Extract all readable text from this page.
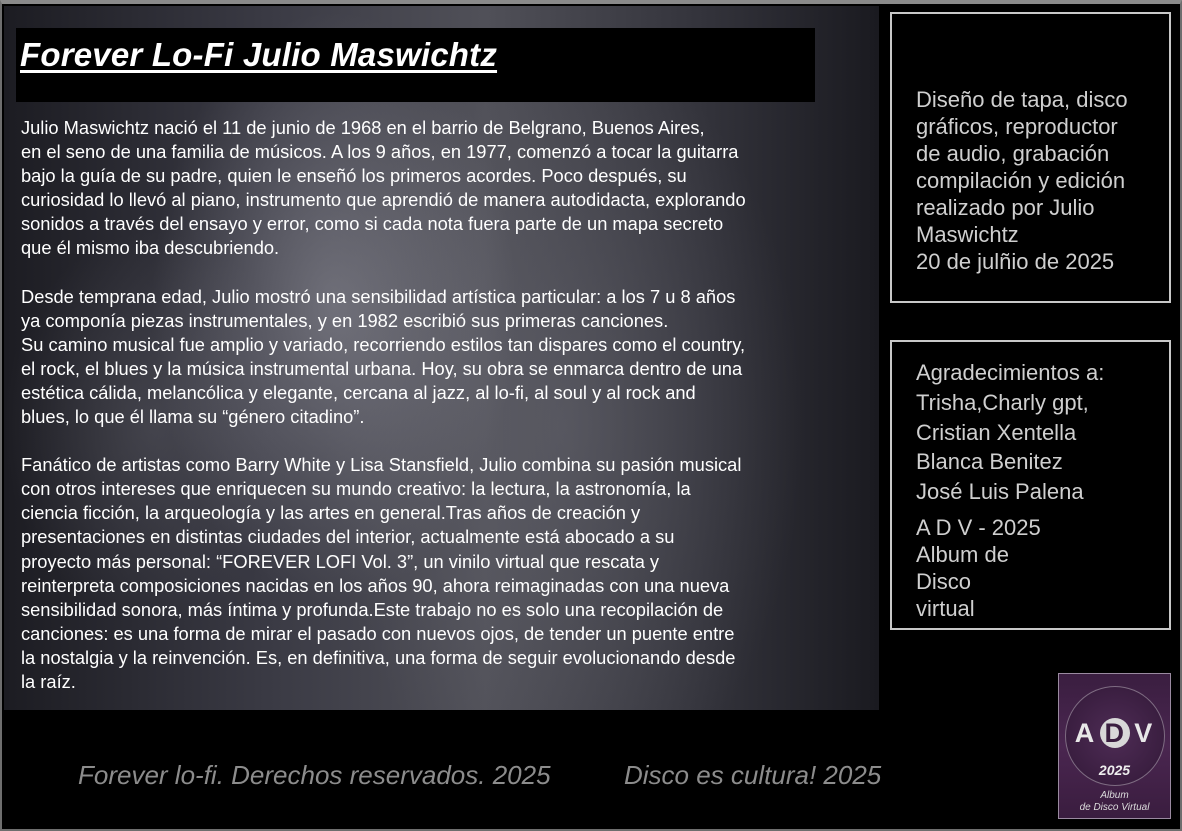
Forever Lo-Fi Julio Maswichtz

Julio Maswichtz nació el 11 de junio de 1968 en el barrio de Belgrano, Buenos Aires,
en el seno de una familia de músicos. A los 9 años, en 1977, comenzó a tocar la guitarra
bajo la guía de su padre, quien le enseñó los primeros acordes. Poco después, su
curiosidad lo llevó al piano, instrumento que aprendió de manera autodidacta, explorando
sonidos a través del ensayo y error, como si cada nota fuera parte de un mapa secreto
que él mismo iba descubriendo.

Desde temprana edad, Julio mostró una sensibilidad artística particular: a los 7 u 8 años
ya componía piezas instrumentales, y en 1982 escribió sus primeras canciones.
Su camino musical fue amplio y variado, recorriendo estilos tan dispares como el country,
el rock, el blues y la música instrumental urbana. Hoy, su obra se enmarca dentro de una
estética cálida, melancólica y elegante, cercana al jazz, al lo-fi, al soul y al rock and
blues, lo que él llama su “género citadino”.

Fanático de artistas como Barry White y Lisa Stansfield, Julio combina su pasión musical
con otros intereses que enriquecen su mundo creativo: la lectura, la astronomía, la
ciencia ficción, la arqueología y las artes en general.Tras años de creación y
presentaciones en distintas ciudades del interior, actualmente está abocado a su
proyecto más personal: “FOREVER LOFI Vol. 3”, un vinilo virtual que rescata y
reinterpreta composiciones nacidas en los años 90, ahora reimaginadas con una nueva
sensibilidad sonora, más íntima y profunda.Este trabajo no es solo una recopilación de
canciones: es una forma de mirar el pasado con nuevos ojos, de tender un puente entre
la nostalgia y la reinvención. Es, en definitiva, una forma de seguir evolucionando desde
la raíz.

Diseño de tapa, disco
gráficos, reproductor
de audio, grabación
compilación y edición
realizado por Julio
Maswichtz
20 de julñio de 2025

Agradecimientos a:

Trisha,Charly gpt,
Cristian Xentella
Blanca Benitez
José Luis Palena

A D V - 2025
Album de
Disco
virtual

Forever lo-fi. Derechos reservados. 2025	Disco es cultura! 2025
A D V
2025
Album
de Disco Virtual
